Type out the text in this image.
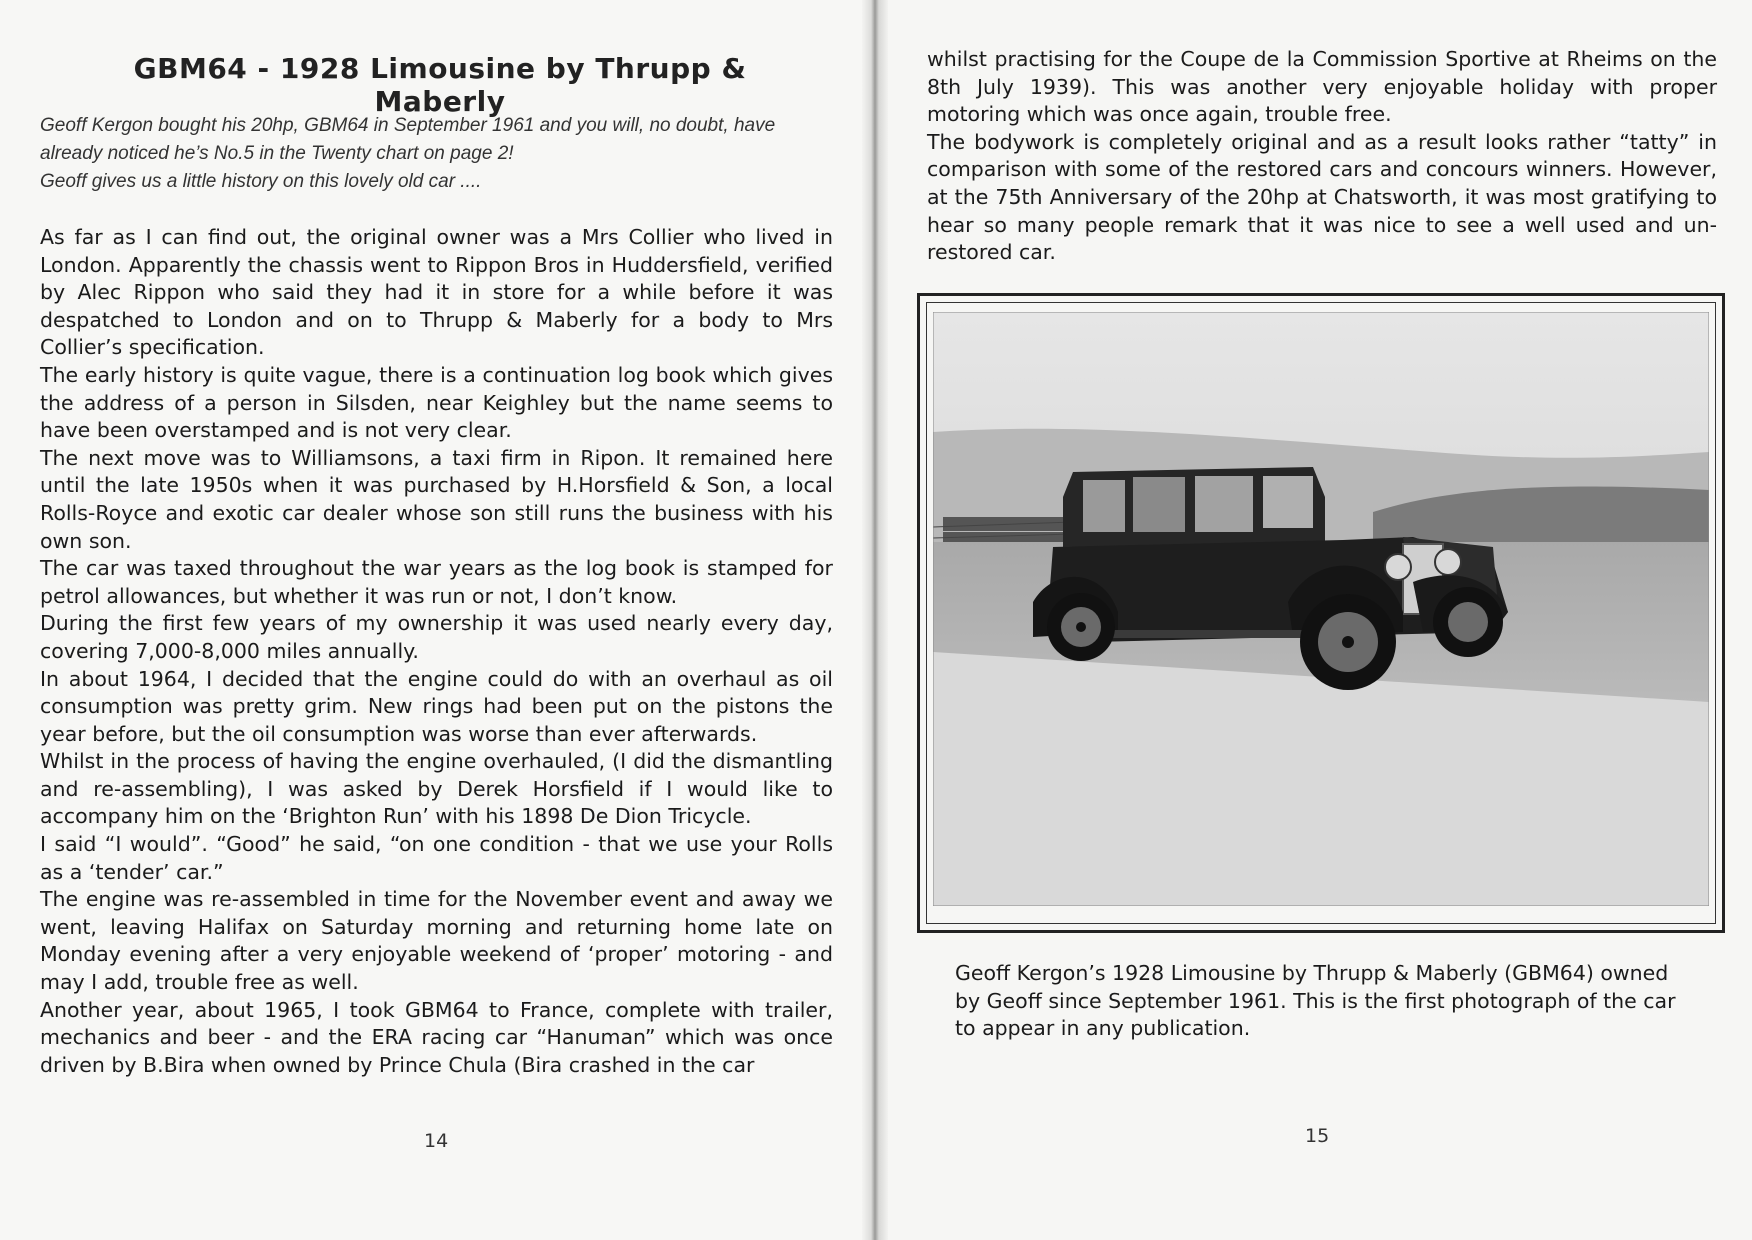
GBM64 - 1928 Limousine by Thrupp & Maberly

Geoff Kergon bought his 20hp, GBM64 in September 1961 and you will, no doubt, have already noticed he’s No.5 in the Twenty chart on page 2!

Geoff gives us a little history on this lovely old car ....

As far as I can find out, the original owner was a Mrs Collier who lived in London. Apparently the chassis went to Rippon Bros in Huddersfield, verified by Alec Rippon who said they had it in store for a while before it was despatched to London and on to Thrupp & Maberly for a body to Mrs Collier’s specification.

The early history is quite vague, there is a continuation log book which gives the address of a person in Silsden, near Keighley but the name seems to have been overstamped and is not very clear.

The next move was to Williamsons, a taxi firm in Ripon. It remained here until the late 1950s when it was purchased by H.Horsfield & Son, a local Rolls-Royce and exotic car dealer whose son still runs the business with his own son.

The car was taxed throughout the war years as the log book is stamped for petrol allowances, but whether it was run or not, I don’t know.

During the first few years of my ownership it was used nearly every day, covering 7,000-8,000 miles annually.

In about 1964, I decided that the engine could do with an overhaul as oil consumption was pretty grim. New rings had been put on the pistons the year before, but the oil consumption was worse than ever afterwards.

Whilst in the process of having the engine overhauled, (I did the dismantling and re-assembling), I was asked by Derek Horsfield if I would like to accompany him on the ‘Brighton Run’ with his 1898 De Dion Tricycle.

I said “I would”. “Good” he said, “on one condition - that we use your Rolls as a ‘tender’ car.”

The engine was re-assembled in time for the November event and away we went, leaving Halifax on Saturday morning and returning home late on Monday evening after a very enjoyable weekend of ‘proper’ motoring - and may I add, trouble free as well.

Another year, about 1965, I took GBM64 to France, complete with trailer, mechanics and beer - and the ERA racing car “Hanuman” which was once driven by B.Bira when owned by Prince Chula (Bira crashed in the car

14

whilst practising for the Coupe de la Commission Sportive at Rheims on the 8th July 1939). This was another very enjoyable holiday with proper motoring which was once again, trouble free.

The bodywork is completely original and as a result looks rather “tatty” in comparison with some of the restored cars and concours winners. However, at the 75th Anniversary of the 20hp at Chatsworth, it was most gratifying to hear so many people remark that it was nice to see a well used and un-restored car.

Geoff Kergon’s 1928 Limousine by Thrupp & Maberly (GBM64) owned by Geoff since September 1961. This is the first photograph of the car to appear in any publication.
15
